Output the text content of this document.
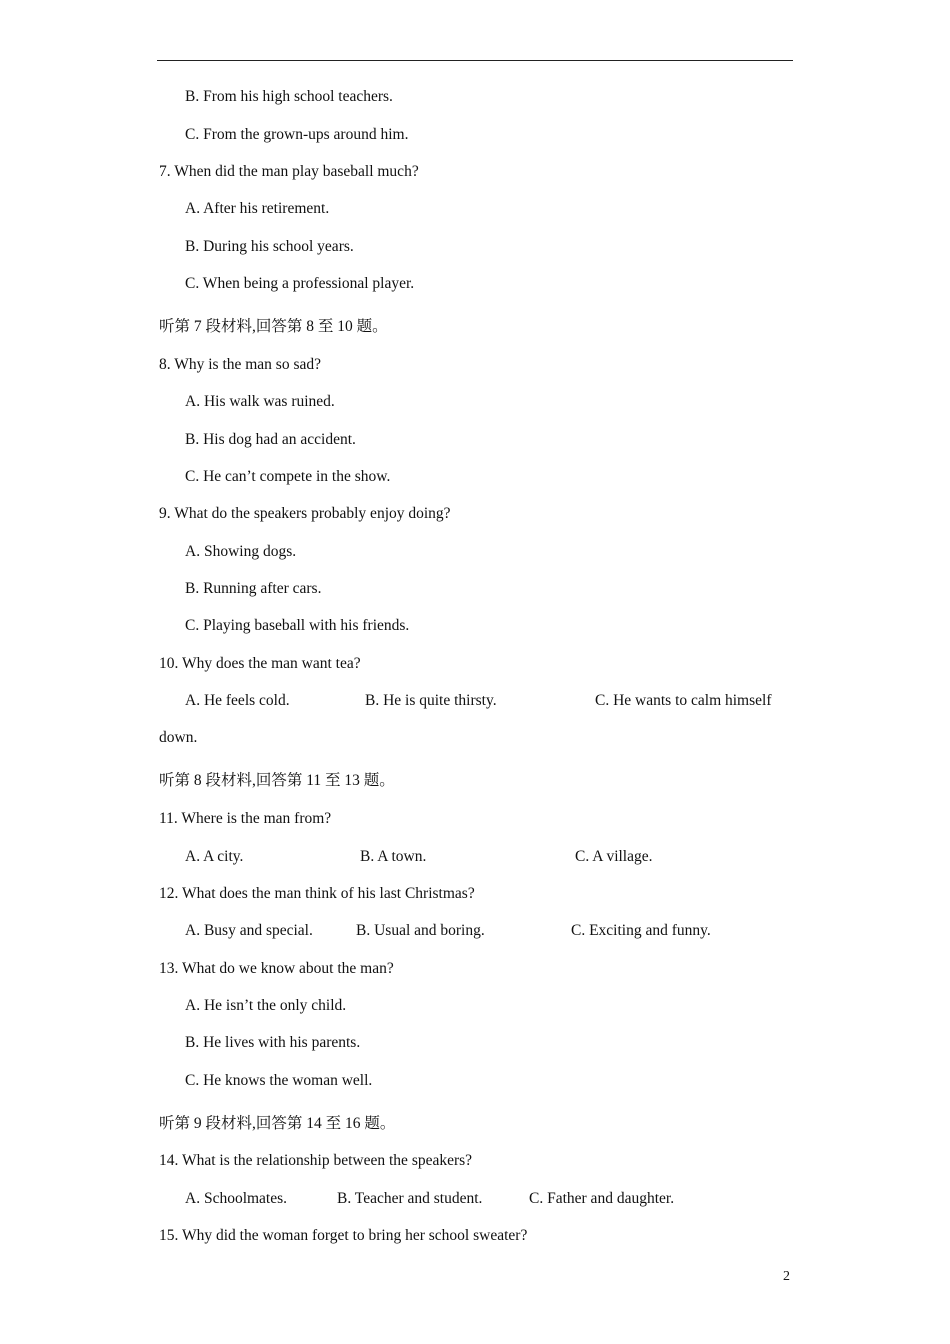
B. From his high school teachers.
C. From the grown-ups around him.
7. When did the man play baseball much?
A. After his retirement.
B. During his school years.
C. When being a professional player.
听第 7 段材料,回答第 8 至 10 题。
8. Why is the man so sad?
A. His walk was ruined.
B. His dog had an accident.
C. He can’t compete in the show.
9. What do the speakers probably enjoy doing?
A. Showing dogs.
B. Running after cars.
C. Playing baseball with his friends.
10. Why does the man want tea?
A. He feels cold.	B. He is quite thirsty.	C. He wants to calm himself
down.
听第 8 段材料,回答第 11 至 13 题。
11. Where is the man from?
A. A city.	B. A town.	C. A village.
12. What does the man think of his last Christmas?
A. Busy and special.	B. Usual and boring.	C. Exciting and funny.
13. What do we know about the man?
A. He isn’t the only child.
B. He lives with his parents.
C. He knows the woman well.
听第 9 段材料,回答第 14 至 16 题。
14. What is the relationship between the speakers?
A. Schoolmates.	B. Teacher and student.	C. Father and daughter.
15. Why did the woman forget to bring her school sweater?
2
